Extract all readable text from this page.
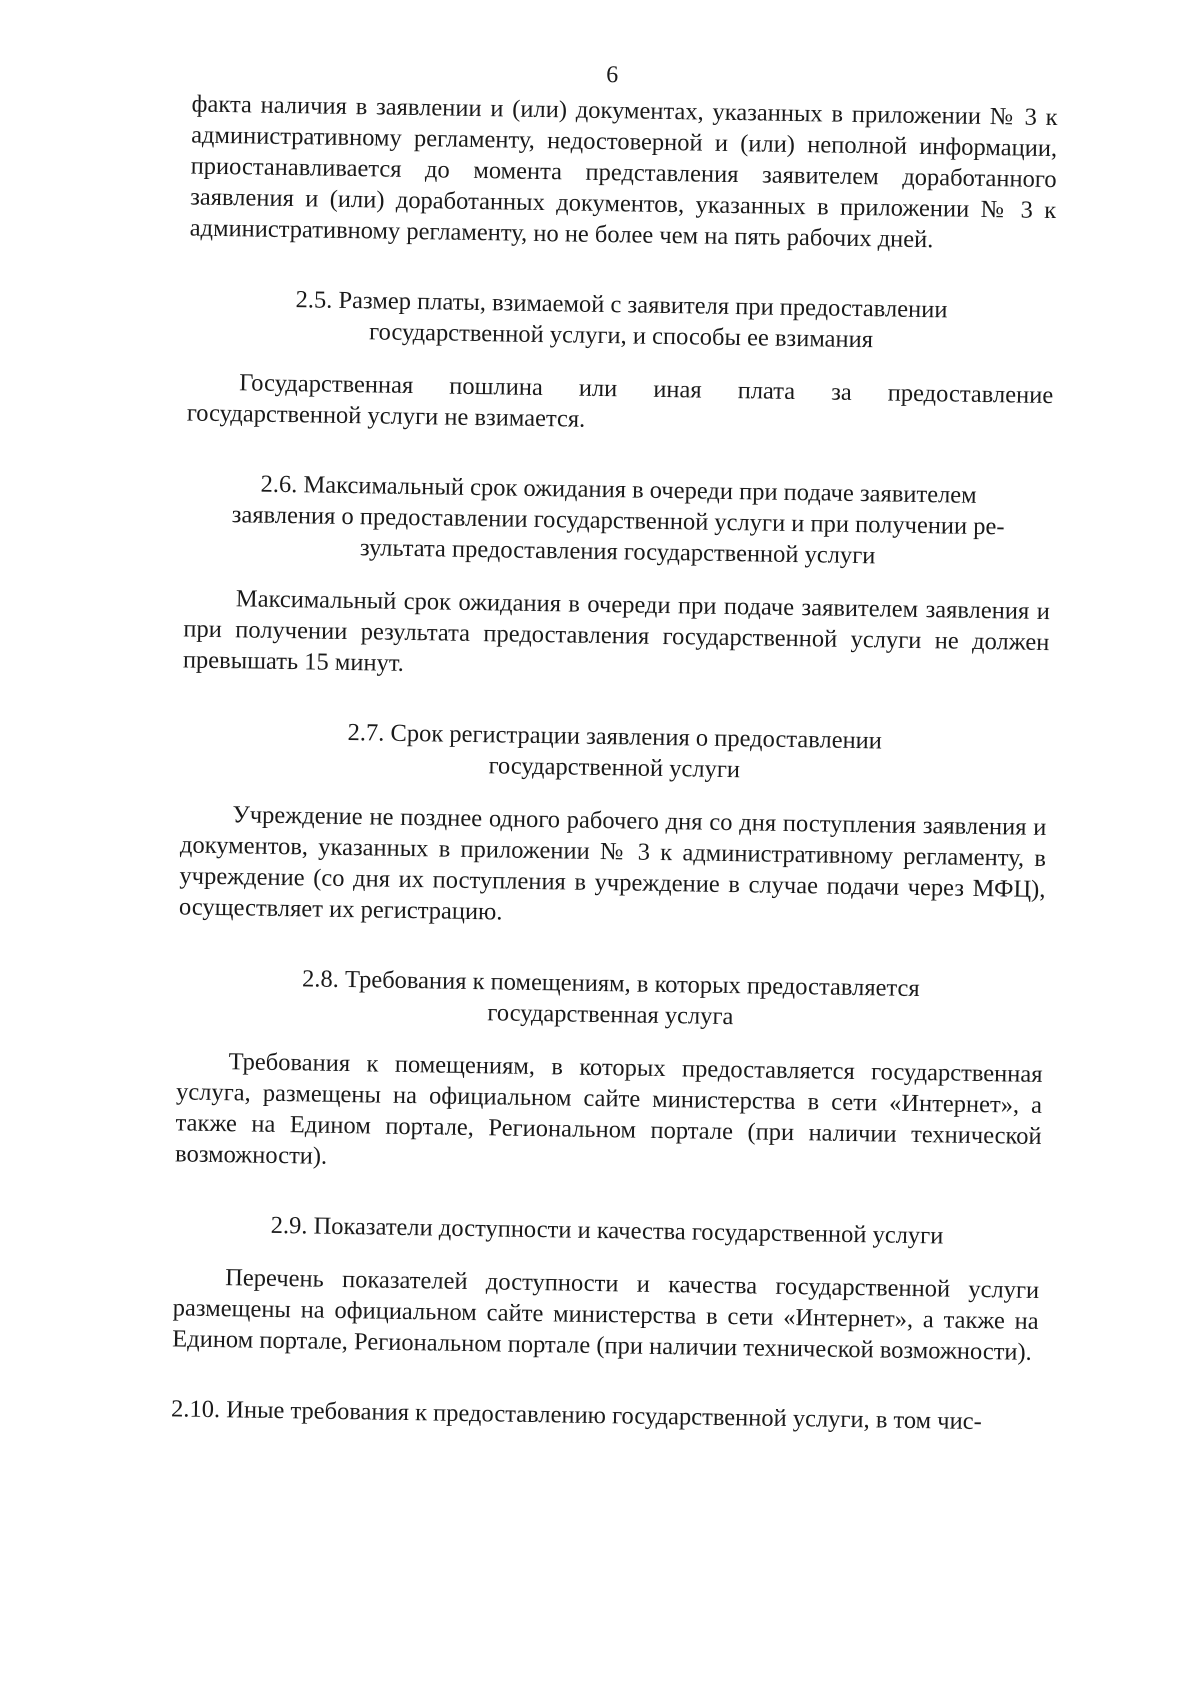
6

факта наличия в заявлении и (или) документах, указанных в приложении № 3 к административному регламенту, недостоверной и (или) неполной информации, приостанавливается до момента представления заявителем доработанного заявления и (или) доработанных документов, указанных в приложении № 3 к административному регламенту, но не более чем на пять рабочих дней.

2.5. Размер платы, взимаемой с заявителя при предоставлении
государственной услуги, и способы ее взимания

Государственная пошлина или иная плата за предоставление государственной услуги не взимается.

2.6. Максимальный срок ожидания в очереди при подаче заявителем
заявления о предоставлении государственной услуги и при получении ре-
зультата предоставления государственной услуги

Максимальный срок ожидания в очереди при подаче заявителем заявления и при получении результата предоставления государственной услуги не должен превышать 15 минут.

2.7. Срок регистрации заявления о предоставлении
государственной услуги

Учреждение не позднее одного рабочего дня со дня поступления заявления и документов, указанных в приложении № 3 к административному регламенту, в учреждение (со дня их поступления в учреждение в случае подачи через МФЦ), осуществляет их регистрацию.

2.8. Требования к помещениям, в которых предоставляется
государственная услуга

Требования к помещениям, в которых предоставляется государственная услуга, размещены на официальном сайте министерства в сети «Интернет», а также на Едином портале, Региональном портале (при наличии технической возможности).

2.9. Показатели доступности и качества государственной услуги

Перечень показателей доступности и качества государственной услуги размещены на официальном сайте министерства в сети «Интернет», а также на Едином портале, Региональном портале (при наличии технической возможности).

2.10. Иные требования к предоставлению государственной услуги, в том чис-
